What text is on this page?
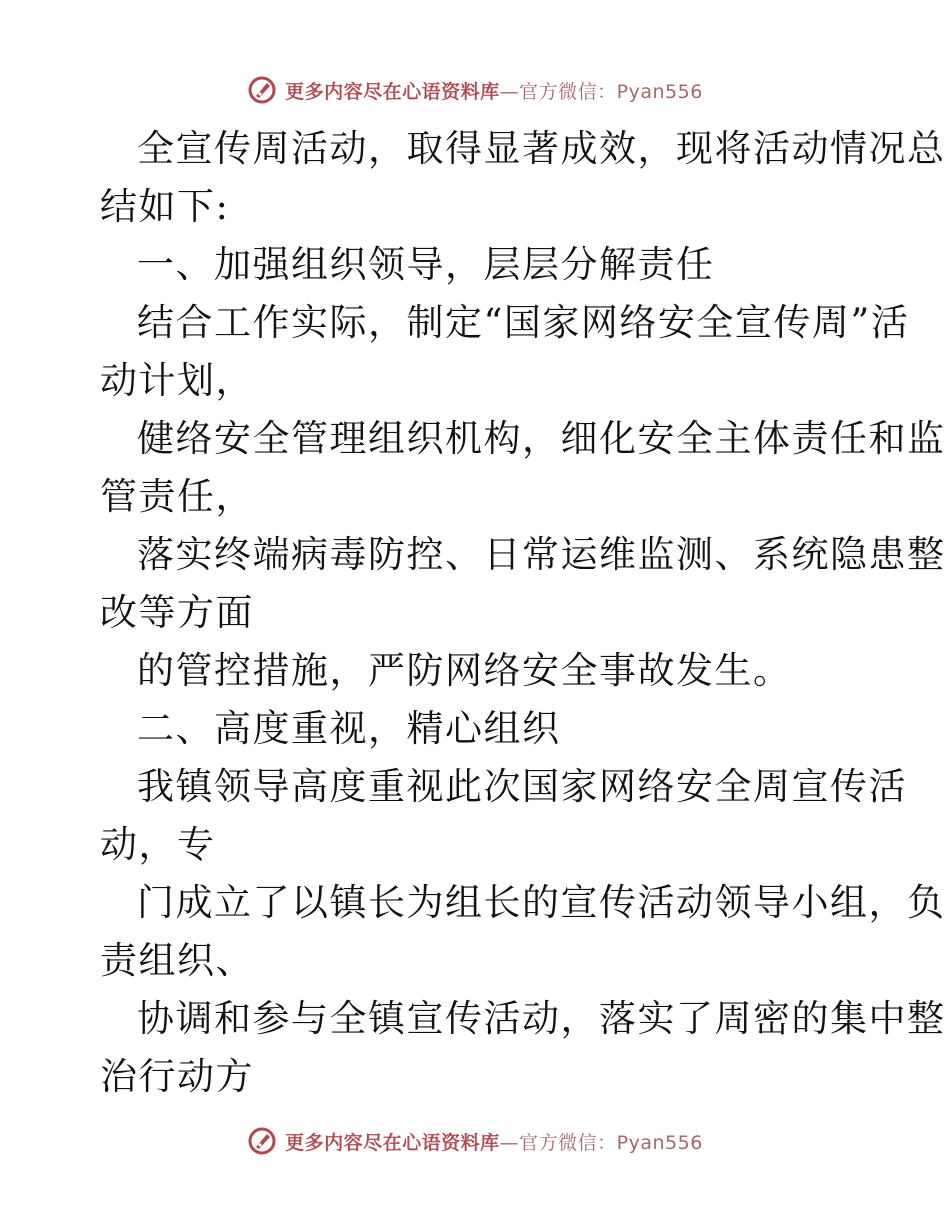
更多内容尽在心语资料库—官方微信：Pyan556
全宣传周活动，取得显著成效，现将活动情况总
结如下:
一、加强组织领导，层层分解责任
结合工作实际，制定“国家网络安全宣传周”活
动计划，
健络安全管理组织机构，细化安全主体责任和监
管责任，
落实终端病毒防控、日常运维监测、系统隐患整
改等方面
的管控措施，严防网络安全事故发生。
二、高度重视，精心组织
我镇领导高度重视此次国家网络安全周宣传活
动，专
门成立了以镇长为组长的宣传活动领导小组，负
责组织、
协调和参与全镇宣传活动，落实了周密的集中整
治行动方
更多内容尽在心语资料库—官方微信：Pyan556
